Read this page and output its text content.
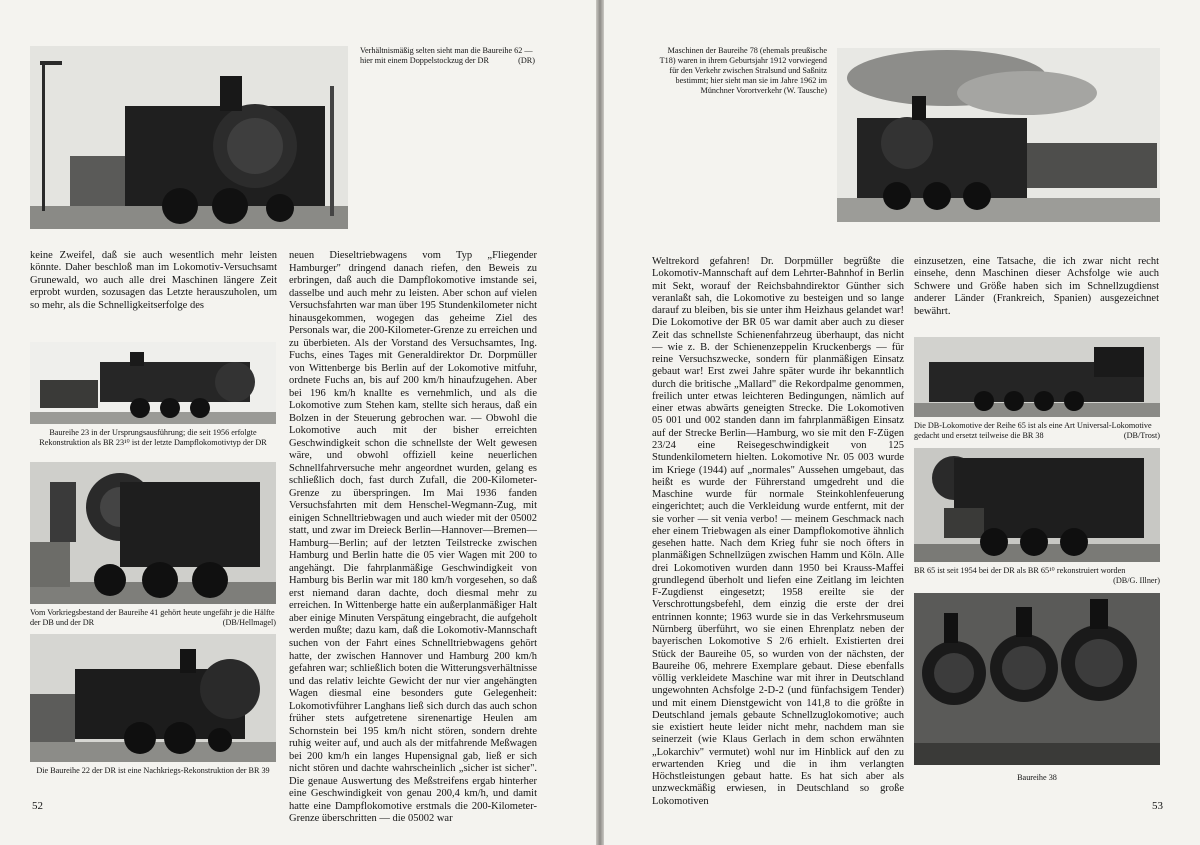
Verhältnismäßig selten sieht man die Baureihe 62 — hier mit einem Doppelstockzug der DR	(DR)

keine Zweifel, daß sie auch wesentlich mehr leisten könnte. Daher beschloß man im Lokomotiv-Versuchsamt Grunewald, wo auch alle drei Maschinen längere Zeit erprobt wurden, sozusagen das Letzte herauszuholen, um so mehr, als die Schnelligkeitserfolge des

Baureihe 23 in der Ursprungsausführung; die seit 1956 erfolgte Rekonstruktion als BR 23¹⁰ ist der letzte Dampflokomotivtyp der DR

Vom Vorkriegsbestand der Baureihe 41 gehört heute ungefähr je die Hälfte der DB und der DR	(DB/Hellmagel)

Die Baureihe 22 der DR ist eine Nachkriegs-Rekonstruktion der BR 39

neuen Dieseltriebwagens vom Typ „Fliegender Hamburger" dringend danach riefen, den Beweis zu erbringen, daß auch die Dampflokomotive imstande sei, dasselbe und auch mehr zu leisten. Aber schon auf vielen Versuchsfahrten war man über 195 Stundenkilometer nicht hinausgekommen, wogegen das geheime Ziel des Personals war, die 200-Kilometer-Grenze zu erreichen und zu überbieten. Als der Vorstand des Versuchsamtes, Ing. Fuchs, eines Tages mit Generaldirektor Dr. Dorpmüller von Wittenberge bis Berlin auf der Lokomotive mitfuhr, ordnete Fuchs an, bis auf 200 km/h hinaufzugehen. Aber bei 196 km/h knallte es vernehmlich, und als die Lokomotive zum Stehen kam, stellte sich heraus, daß ein Bolzen in der Steuerung gebrochen war. — Obwohl die Lokomotive auch mit der bisher erreichten Geschwindigkeit schon die schnellste der Welt gewesen wäre, und obwohl offiziell keine neuerlichen Schnellfahrversuche mehr angeordnet wurden, gelang es schließlich doch, fast durch Zufall, die 200-Kilometer-Grenze zu überspringen. Im Mai 1936 fanden Versuchsfahrten mit dem Henschel-Wegmann-Zug, mit einigen Schnelltriebwagen und auch wieder mit der 05002 statt, und zwar im Dreieck Berlin—Hannover—Bremen—Hamburg—Berlin; auf der letzten Teilstrecke zwischen Hamburg und Berlin hatte die 05 vier Wagen mit 200 to angehängt. Die fahrplanmäßige Geschwindigkeit von Hamburg bis Berlin war mit 180 km/h vorgesehen, so daß erst niemand daran dachte, doch diesmal mehr zu erreichen. In Wittenberge hatte ein außerplanmäßiger Halt aber einige Minuten Verspätung eingebracht, die aufgeholt werden mußte; dazu kam, daß die Lokomotiv-Mannschaft suchen von der Fahrt eines Schnelltriebwagens gehört hatte, der zwischen Hannover und Hamburg 200 km/h gefahren war; schließlich boten die Witterungsverhältnisse und das relativ leichte Gewicht der nur vier angehängten Wagen diesmal eine besonders gute Gelegenheit: Lokomotivführer Langhans ließ sich durch das auch schon früher stets aufgetretene sirenenartige Heulen am Schornstein bei 195 km/h nicht stören, sondern drehte ruhig weiter auf, und auch als der mitfahrende Meßwagen bei 200 km/h ein langes Hupensignal gab, ließ er sich nicht stören und dachte wahrscheinlich „sicher ist sicher". Die genaue Auswertung des Meßstreifens ergab hinterher eine Geschwindigkeit von genau 200,4 km/h, und damit hatte eine Dampflokomotive erstmals die 200-Kilometer-Grenze überschritten — die 05002 war

52

Maschinen der Baureihe 78 (ehemals preußische T18) waren in ihrem Geburtsjahr 1912 vorwiegend für den Verkehr zwischen Stralsund und Saßnitz bestimmt; hier sieht man sie im Jahre 1962 im Münchner Vorortverkehr (W. Tausche)

Weltrekord gefahren! Dr. Dorpmüller begrüßte die Lokomotiv-Mannschaft auf dem Lehrter-Bahnhof in Berlin mit Sekt, worauf der Reichsbahndirektor Günther sich veranlaßt sah, die Lokomotive zu besteigen und so lange darauf zu bleiben, bis sie unter ihm Heizhaus gelandet war! Die Lokomotive der BR 05 war damit aber auch zu dieser Zeit das schnellste Schienenfahrzeug überhaupt, das nicht — wie z. B. der Schienenzeppelin Kruckenbergs — für reine Versuchszwecke, sondern für planmäßigen Einsatz gebaut war! Erst zwei Jahre später wurde ihr bekanntlich durch die britische „Mallard" die Rekordpalme genommen, freilich unter etwas leichteren Bedingungen, nämlich auf einer etwas abwärts geneigten Strecke. Die Lokomotiven 05 001 und 002 standen dann im fahrplanmäßigen Einsatz auf der Strecke Berlin—Hamburg, wo sie mit den F-Zügen 23/24 eine Reisegeschwindigkeit von 125 Stundenkilometern hielten. Lokomotive Nr. 05 003 wurde im Kriege (1944) auf „normales" Aussehen umgebaut, das heißt es wurde der Führerstand umgedreht und die Maschine wurde für normale Steinkohlenfeuerung eingerichtet; auch die Verkleidung wurde entfernt, mit der sie vorher — sit venia verbo! — meinem Geschmack nach eher einem Triebwagen als einer Dampflokomotive ähnlich gesehen hatte. Nach dem Krieg fuhr sie noch öfters in planmäßigen Schnellzügen zwischen Hamm und Köln. Alle drei Lokomotiven wurden dann 1950 bei Krauss-Maffei grundlegend überholt und liefen eine Zeitlang im leichten F-Zugdienst eingesetzt; 1958 ereilte sie der Verschrottungsbefehl, dem einzig die erste der drei entrinnen konnte; 1963 wurde sie in das Verkehrsmuseum Nürnberg überführt, wo sie einen Ehrenplatz neben der bayerischen Lokomotive S 2/6 erhielt. Existierten drei Stück der Baureihe 05, so wurden von der nächsten, der Baureihe 06, mehrere Exemplare gebaut. Diese ebenfalls völlig verkleidete Maschine war mit ihrer in Deutschland ungewohnten Achsfolge 2-D-2 (und fünfachsigem Tender) und mit einem Dienstgewicht von 141,8 to die größte in Deutschland jemals gebaute Schnellzuglokomotive; auch sie existiert heute leider nicht mehr, nachdem man sie seinerzeit (wie Klaus Gerlach in dem schon erwähnten „Lokarchiv" vermutet) wohl nur im Hinblick auf den zu erwartenden Krieg und die in ihm verlangten Höchstleistungen gebaut hatte. Es hat sich aber als unzweckmäßig erwiesen, in Deutschland so große Lokomotiven

einzusetzen, eine Tatsache, die ich zwar nicht recht einsehe, denn Maschinen dieser Achsfolge wie auch Schwere und Größe haben sich im Schnellzugdienst anderer Länder (Frankreich, Spanien) ausgezeichnet bewährt.

Die DB-Lokomotive der Reihe 65 ist als eine Art Universal-Lokomotive gedacht und ersetzt teilweise die BR 38	(DB/Trost)

BR 65 ist seit 1954 bei der DR als BR 65¹⁰ rekonstruiert worden
(DB/G. Illner)

Baureihe 38

53
